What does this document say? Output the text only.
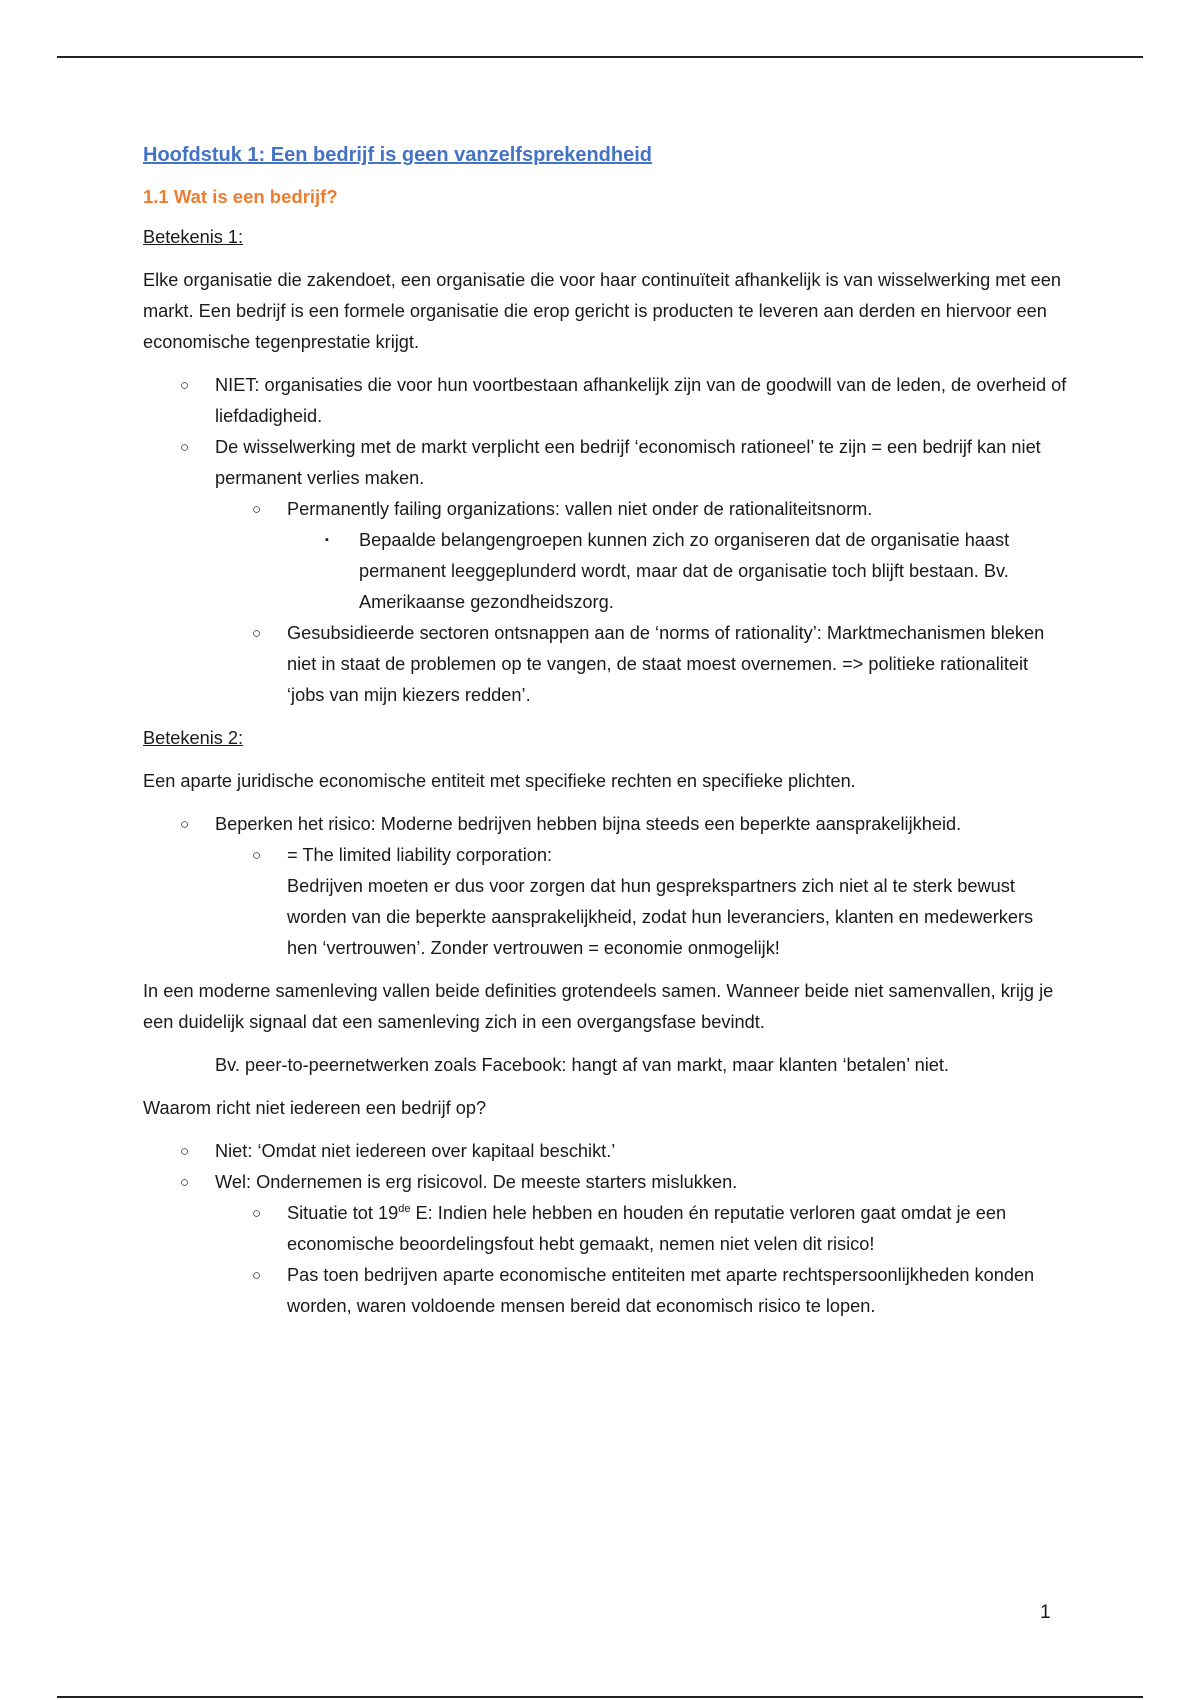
Hoofdstuk 1: Een bedrijf is geen vanzelfsprekendheid
1.1 Wat is een bedrijf?
Betekenis 1:

Elke organisatie die zakendoet, een organisatie die voor haar continuïteit afhankelijk is van wisselwerking met een markt. Een bedrijf is een formele organisatie die erop gericht is producten te leveren aan derden en hiervoor een economische tegenprestatie krijgt.

○ NIET: organisaties die voor hun voortbestaan afhankelijk zijn van de goodwill van de leden, de overheid of liefdadigheid.
○ De wisselwerking met de markt verplicht een bedrijf ‘economisch rationeel’ te zijn = een bedrijf kan niet permanent verlies maken.
○ Permanently failing organizations: vallen niet onder de rationaliteitsnorm.
▪ Bepaalde belangengroepen kunnen zich zo organiseren dat de organisatie haast permanent leeggeplunderd wordt, maar dat de organisatie toch blijft bestaan. Bv. Amerikaanse gezondheidszorg.
○ Gesubsidieerde sectoren ontsnappen aan de ‘norms of rationality’: Marktmechanismen bleken niet in staat de problemen op te vangen, de staat moest overnemen. => politieke rationaliteit ‘jobs van mijn kiezers redden’.
Betekenis 2:

Een aparte juridische economische entiteit met specifieke rechten en specifieke plichten.

○ Beperken het risico: Moderne bedrijven hebben bijna steeds een beperkte aansprakelijkheid.
○ = The limited liability corporation:
Bedrijven moeten er dus voor zorgen dat hun gesprekspartners zich niet al te sterk bewust worden van die beperkte aansprakelijkheid, zodat hun leveranciers, klanten en medewerkers hen ‘vertrouwen’. Zonder vertrouwen = economie onmogelijk!

In een moderne samenleving vallen beide definities grotendeels samen. Wanneer beide niet samenvallen, krijg je een duidelijk signaal dat een samenleving zich in een overgangsfase bevindt.

Bv. peer-to-peernetwerken zoals Facebook: hangt af van markt, maar klanten ‘betalen’ niet.

Waarom richt niet iedereen een bedrijf op?

○ Niet: ‘Omdat niet iedereen over kapitaal beschikt.’
○ Wel: Ondernemen is erg risicovol. De meeste starters mislukken.
○ Situatie tot 19de E: Indien hele hebben en houden én reputatie verloren gaat omdat je een economische beoordelingsfout hebt gemaakt, nemen niet velen dit risico!
○ Pas toen bedrijven aparte economische entiteiten met aparte rechtspersoonlijkheden konden worden, waren voldoende mensen bereid dat economisch risico te lopen.
1
